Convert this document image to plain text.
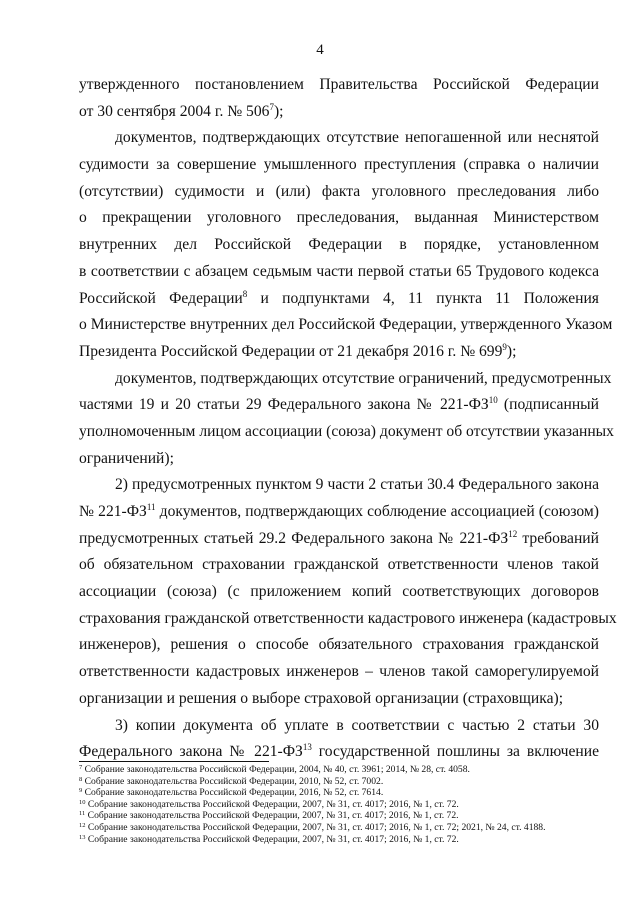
4
утвержденного постановлением Правительства Российской Федерации
от 30 сентября 2004 г. № $506^7$);
документов, подтверждающих отсутствие непогашенной или неснятой
судимости за совершение умышленного преступления (справка о наличии
(отсутствии) судимости и (или) факта уголовного преследования либо
о прекращении уголовного преследования, выданная Министерством
внутренних дел Российской Федерации в порядке, установленном
в соответствии с абзацем седьмым части первой статьи 65 Трудового кодекса
Российской Федерации$^8$ и подпунктами 4, 11 пункта 11 Положения
о Министерстве внутренних дел Российской Федерации, утвержденного Указом
Президента Российской Федерации от 21 декабря 2016 г. № $699^9$);
документов, подтверждающих отсутствие ограничений, предусмотренных
частями 19 и 20 статьи 29 Федерального закона № 221-ФЗ$^{10}$ (подписанный
уполномоченным лицом ассоциации (союза) документ об отсутствии указанных
ограничений);
2) предусмотренных пунктом 9 части 2 статьи 30.4 Федерального закона
№ 221-ФЗ$^{11}$ документов, подтверждающих соблюдение ассоциацией (союзом)
предусмотренных статьей 29.2 Федерального закона № 221-ФЗ$^{12}$ требований
об обязательном страховании гражданской ответственности членов такой
ассоциации (союза) (с приложением копий соответствующих договоров
страхования гражданской ответственности кадастрового инженера (кадастровых
инженеров), решения о способе обязательного страхования гражданской
ответственности кадастровых инженеров – членов такой саморегулируемой
организации и решения о выборе страховой организации (страховщика);
3) копии документа об уплате в соответствии с частью 2 статьи 30
Федерального закона № 221-ФЗ$^{13}$ государственной пошлины за включение
$^7$ Собрание законодательства Российской Федерации, 2004, № 40, ст. 3961; 2014, № 28, ст. 4058.
$^8$ Собрание законодательства Российской Федерации, 2010, № 52, ст. 7002.
$^9$ Собрание законодательства Российской Федерации, 2016, № 52, ст. 7614.
$^{10}$ Собрание законодательства Российской Федерации, 2007, № 31, ст. 4017; 2016, № 1, ст. 72.
$^{11}$ Собрание законодательства Российской Федерации, 2007, № 31, ст. 4017; 2016, № 1, ст. 72.
$^{12}$ Собрание законодательства Российской Федерации, 2007, № 31, ст. 4017; 2016, № 1, ст. 72; 2021, № 24, ст. 4188.
$^{13}$ Собрание законодательства Российской Федерации, 2007, № 31, ст. 4017; 2016, № 1, ст. 72.
